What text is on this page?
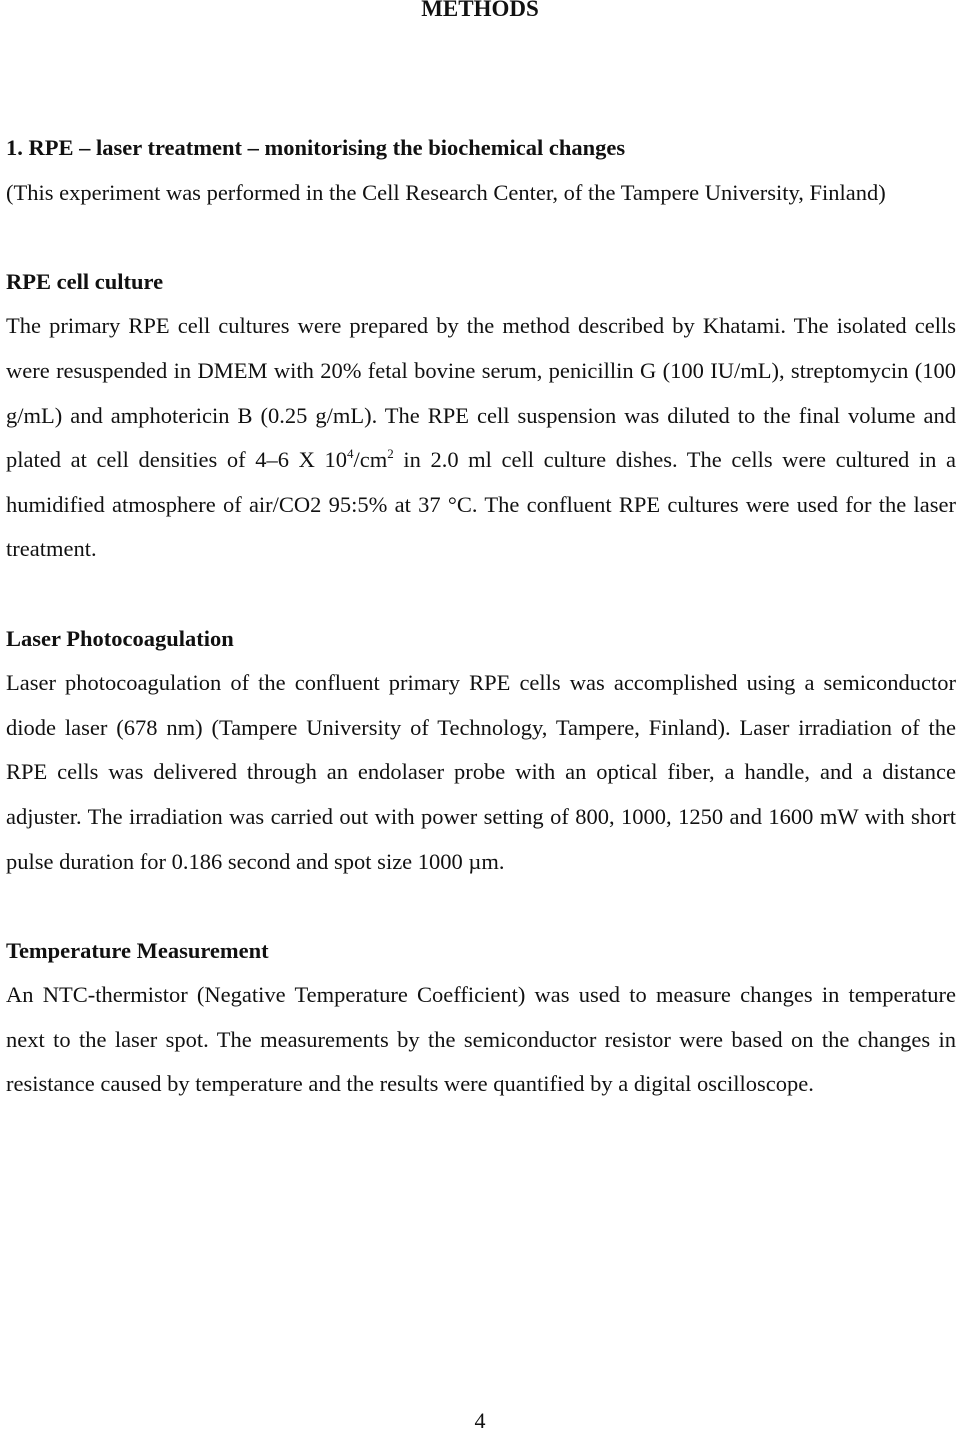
METHODS
1. RPE – laser treatment – monitorising the biochemical changes

(This experiment was performed in the Cell Research Center, of the Tampere University, Finland)

RPE cell culture

The primary RPE cell cultures were prepared by the method described by Khatami. The isolated cells were resuspended in DMEM with 20% fetal bovine serum, penicillin G (100 IU/mL), streptomycin (100 g/mL) and amphotericin B (0.25 g/mL). The RPE cell suspension was diluted to the final volume and plated at cell densities of 4–6 X $10^4/cm^2$ in 2.0 ml cell culture dishes. The cells were cultured in a humidified atmosphere of air/CO2 95:5% at 37 °C. The confluent RPE cultures were used for the laser treatment.

Laser Photocoagulation

Laser photocoagulation of the confluent primary RPE cells was accomplished using a semiconductor diode laser (678 nm) (Tampere University of Technology, Tampere, Finland). Laser irradiation of the RPE cells was delivered through an endolaser probe with an optical fiber, a handle, and a distance adjuster. The irradiation was carried out with power setting of 800, 1000, 1250 and 1600 mW with short pulse duration for 0.186 second and spot size 1000 µm.

Temperature Measurement

An NTC-thermistor (Negative Temperature Coefficient) was used to measure changes in temperature next to the laser spot. The measurements by the semiconductor resistor were based on the changes in resistance caused by temperature and the results were quantified by a digital oscilloscope.

4
